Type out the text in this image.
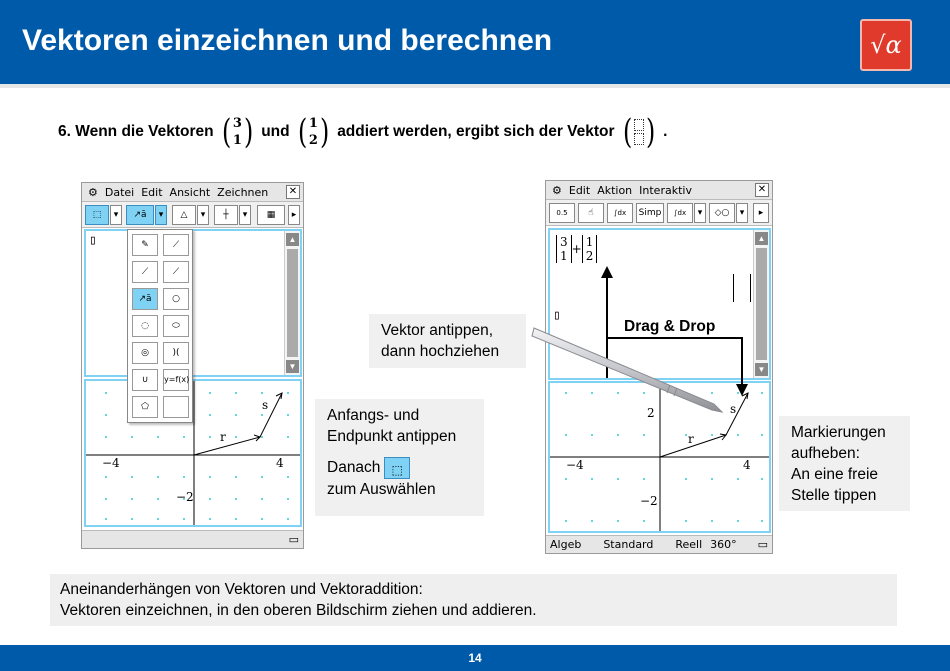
Vektoren einzeichnen und berechnen	√α
6. Wenn die Vektoren ( 3
1 ) und ( 1
2 ) addiert werden, ergibt sich der Vektor ( ) .
⚙ Datei Edit Ansicht Zeichnen ✕
⬚	▾	↗ā	▾	△	▾	┼	▾	▦	▸
▯	▲
▼
−4	4
−2
s
r
▭
✎	⟋
⟋	⟋
↗ā	○
◌	⬭
◎	)(
∪	y=f(x)
⬠
⚙ Edit Aktion Interaktiv	✕
0.5	☝	∫dx	Simp	∫dx	▾	◇○	▾	▸
3
1 + 1
2
▯
▲
▼
−4	4
2
−2
s
r
Algeb Standard Reell 360° ▭
Drag & Drop
Vektor antippen,
dann hochziehen
Anfangs- und
Endpunkt antippen
Danach ⬚
zum Auswählen
Markierungen
aufheben:
An eine freie
Stelle tippen
Aneinanderhängen von Vektoren und Vektoraddition:
Vektoren einzeichnen, in den oberen Bildschirm ziehen und addieren.
14
